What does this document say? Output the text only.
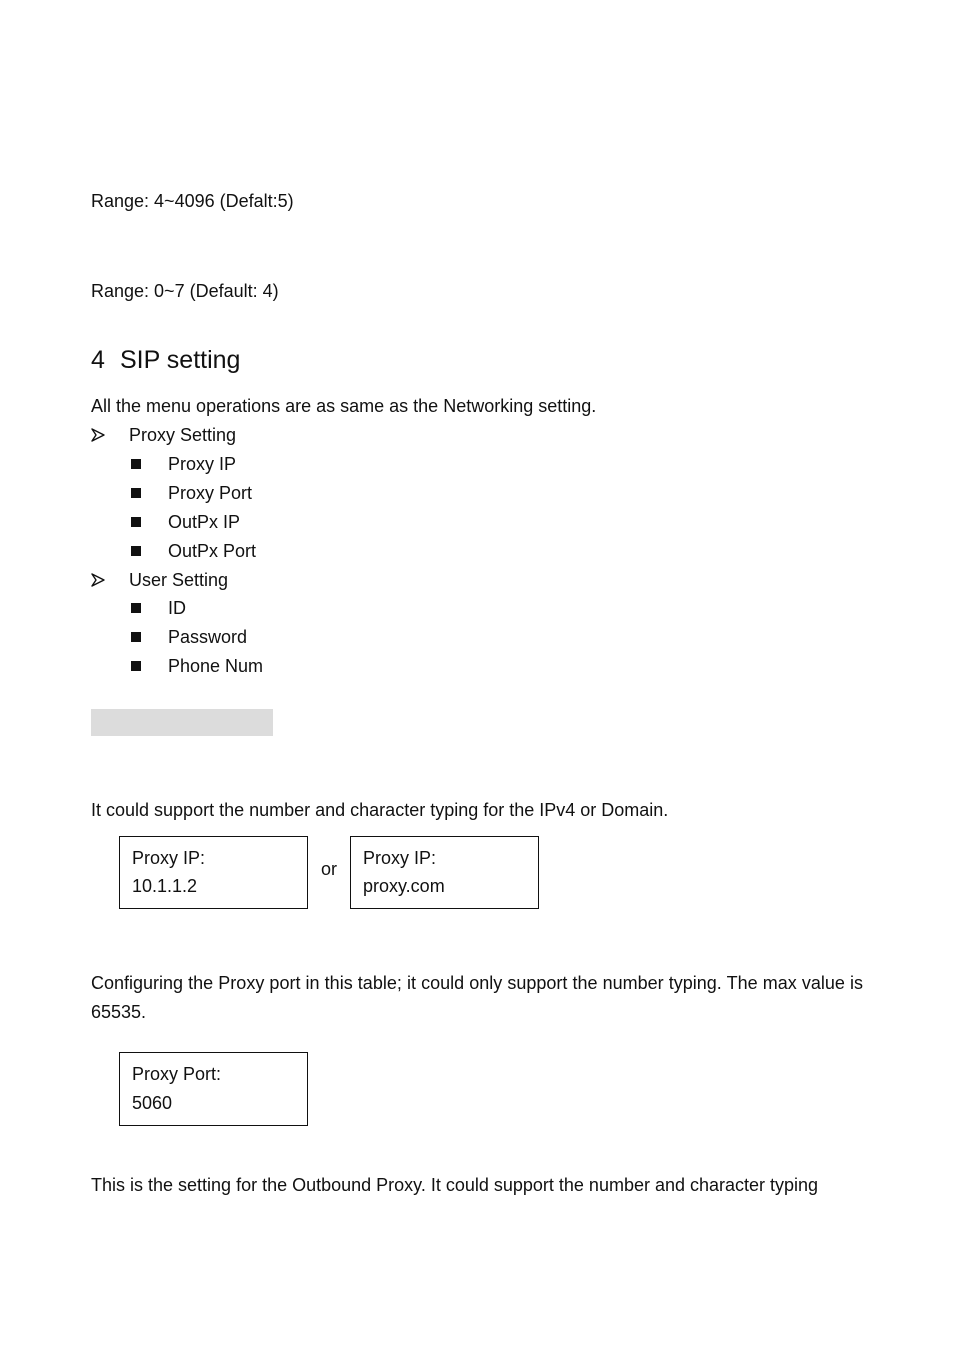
Range: 4~4096 (Defalt:5)
Range: 0~7 (Default: 4)
4 SIP setting
All the menu operations are as same as the Networking setting.
Proxy Setting
Proxy IP
Proxy Port
OutPx IP
OutPx Port
User Setting
ID
Password
Phone Num
It could support the number and character typing for the IPv4 or Domain.
Proxy IP:
10.1.1.2
or
Proxy IP:
proxy.com
Configuring the Proxy port in this table; it could only support the number typing. The max value is 65535.
Proxy Port:
5060
This is the setting for the Outbound Proxy. It could support the number and character typing
